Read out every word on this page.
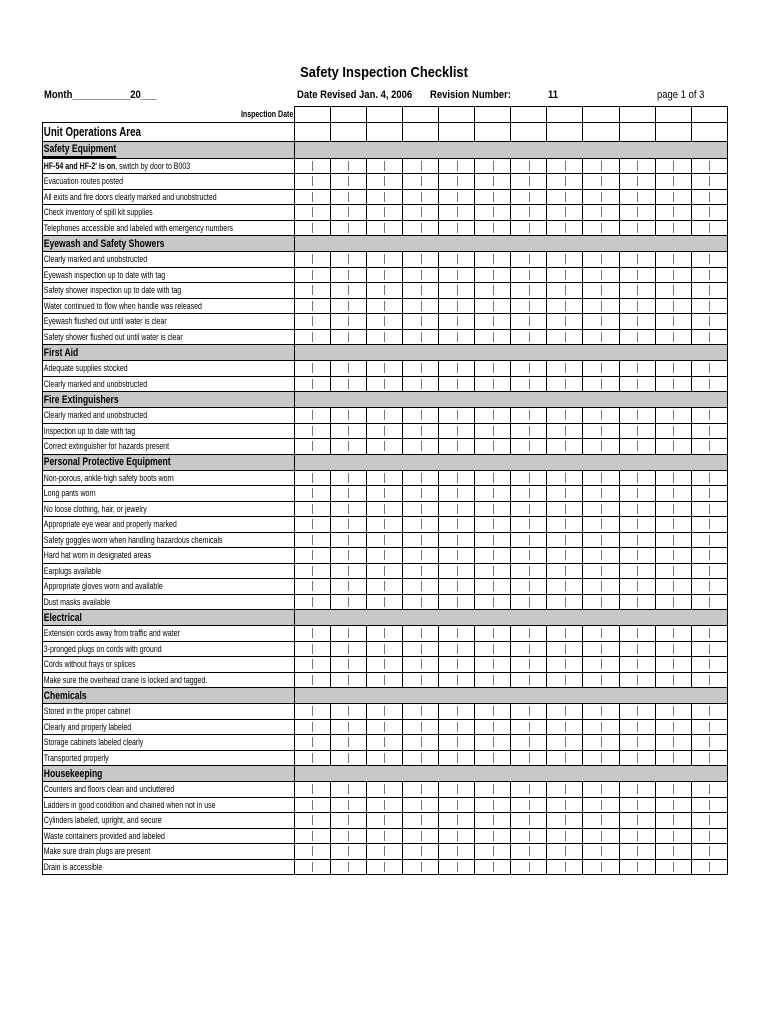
Safety Inspection Checklist
Month___________20___	Date Revised Jan. 4, 2006 Revision Number:	11	page 1 of 3
Inspection Date												
Unit Operations Area												
Safety Equipment												
HF-54 and HF-2' is on, switch by door to B003	

Evacuation routes posted	

All exits and fire doors clearly marked and unobstructed	

Check inventory of spill kit supplies	

Telephones accessible and labeled with emergency numbers	

Eyewash and Safety Showers												
Clearly marked and unobstructed	

Eyewash inspection up to date with tag	

Safety shower inspection up to date with tag	

Water continued to flow when handle was released	

Eyewash flushed out until water is clear	

Safety shower flushed out until water is clear	

First Aid												
Adequate supplies stocked	

Clearly marked and unobstructed	

Fire Extinguishers												
Clearly marked and unobstructed	

Inspection up to date with tag	

Correct extinguisher for hazards present	

Personal Protective Equipment												
Non-porous, ankle-high safety boots worn	

Long pants worn	

No loose clothing, hair, or jewelry	

Appropriate eye wear and properly marked	

Safety goggles worn when handling hazardous chemicals	

Hard hat worn in designated areas	

Earplugs available	

Appropriate gloves worn and available	

Dust masks available	

Electrical												
Extension cords away from traffic and water	

3-pronged plugs on cords with ground	

Cords without frays or splices	

Make sure the overhead crane is locked and tagged.	

Chemicals												
Stored in the proper cabinet	

Clearly and properly labeled	

Storage cabinets labeled clearly	

Transported properly	

Housekeeping												
Counters and floors clean and uncluttered	

Ladders in good condition and chained when not in use	

Cylinders labeled, upright, and secure	

Waste containers provided and labeled	

Make sure drain plugs are present	

Drain is accessible	
